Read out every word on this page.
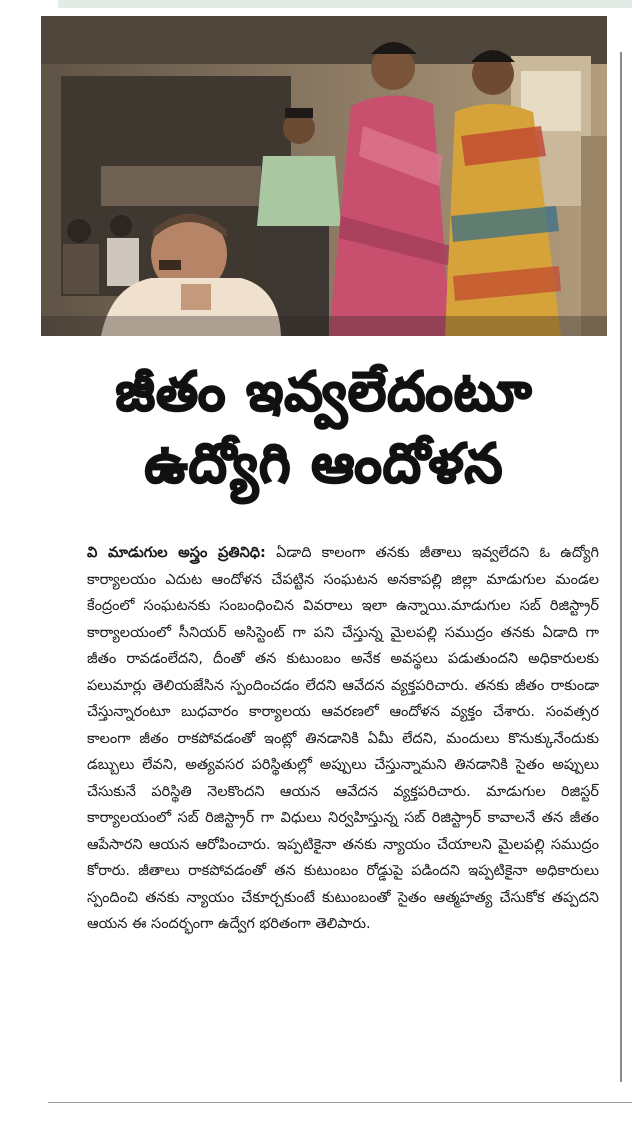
జీతం ఇవ్వలేదంటూ
ఉద్యోగి ఆందోళన
వి మాడుగుల అస్త్రం ప్రతినిధి: ఏడాది కాలంగా తనకు జీతాలు ఇవ్వలేదని ఓ ఉద్యోగి కార్యాలయం ఎదుట ఆందోళన చేపట్టిన సంఘటన అనకాపల్లి జిల్లా మాడుగుల మండల కేంద్రంలో సంఘటనకు సంబంధించిన వివరాలు ఇలా ఉన్నాయి.మాడుగుల సబ్ రిజిస్ట్రార్ కార్యాలయంలో సీనియర్ అసిస్టెంట్ గా పని చేస్తున్న మైలపల్లి సముద్రం తనకు ఏడాది గా జీతం రావడంలేదని, దీంతో తన కుటుంబం అనేక అవస్థలు పడుతుందని అధికారులకు పలుమార్లు తెలియజేసిన స్పందించడం లేదని ఆవేదన వ్యక్తపరిచారు. తనకు జీతం రాకుండా చేస్తున్నారంటూ బుధవారం కార్యాలయ ఆవరణలో ఆందోళన వ్యక్తం చేశారు. సంవత్సర కాలంగా జీతం రాకపోవడంతో ఇంట్లో తినడానికి ఏమీ లేదని, మందులు కొనుక్కునేందుకు డబ్బులు లేవని, అత్యవసర పరిస్థితుల్లో అప్పులు చేస్తున్నామని తినడానికి సైతం అప్పులు చేసుకునే పరిస్థితి నెలకొందని ఆయన ఆవేదన వ్యక్తపరిచారు. మాడుగుల రిజిస్టర్ కార్యాలయంలో సబ్ రిజిస్ట్రార్ గా విధులు నిర్వహిస్తున్న సబ్ రిజిస్ట్రార్ కావాలనే తన జీతం ఆపేసారని ఆయన ఆరోపించారు. ఇప్పటికైనా తనకు న్యాయం చేయాలని మైలపల్లి సముద్రం కోరారు. జీతాలు రాకపోవడంతో తన కుటుంబం రోడ్డుపై పడిందని ఇప్పటికైనా అధికారులు స్పందించి తనకు న్యాయం చేకూర్చకుంటే కుటుంబంతో సైతం ఆత్మహత్య చేసుకోక తప్పదని ఆయన ఈ సందర్భంగా ఉద్వేగ భరితంగా తెలిపారు.
